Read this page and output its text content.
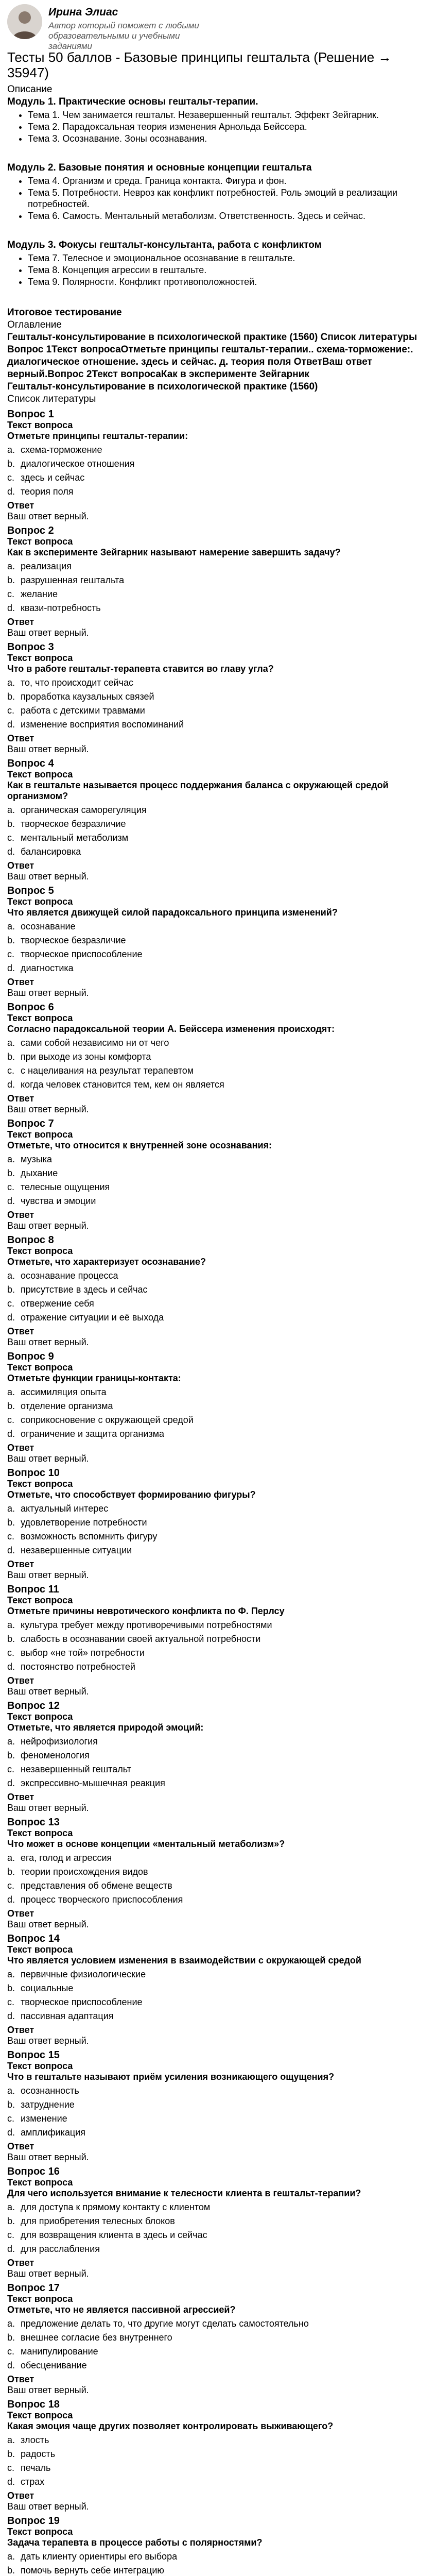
Ирина Элиас
Автор который поможет с любыми образовательными и учебными заданиями
Тесты 50 баллов - Базовые принципы гештальта (Решение → 35947)
Описание
Модуль 1. Практические основы гештальт-терапии.
• Тема 1. Чем занимается гештальт. Незавершенный гештальт. Эффект Зейгарник.
• Тема 2. Парадоксальная теория изменения Арнольда Бейссера.
• Тема 3. Осознавание. Зоны осознавания.
Модуль 2. Базовые понятия и основные концепции гештальта
• Тема 4. Организм и среда. Граница контакта. Фигура и фон.
• Тема 5. Потребности. Невроз как конфликт потребностей. Роль эмоций в реализации потребностей.
• Тема 6. Самость. Ментальный метаболизм. Ответственность. Здесь и сейчас.
Модуль 3. Фокусы гештальт-консультанта, работа с конфликтом
• Тема 7. Телесное и эмоциональное осознавание в гештальте.
• Тема 8. Концепция агрессии в гештальте.
• Тема 9. Полярности. Конфликт противоположностей.
Итоговое тестирование
Оглавление
Гештальт-консультирование в психологической практике (1560) Список литературы Вопрос 1Текст вопросаОтметьте принципы гештальт-терапии.. схема-торможение:. диалогическое отношение. здесь и сейчас. д. теория поля ОтветВаш ответ верный.Вопрос 2Текст вопросаКак в эксперименте Зейгарник
Гештальт-консультирование в психологической практике (1560)
Список литературы
Вопрос 1
Текст вопроса
Отметьте принципы гештальт-терапии:
a. схема-торможение
b. диалогическое отношения
c. здесь и сейчас
d. теория поля
Ответ
Ваш ответ верный.
Вопрос 2
Текст вопроса
Как в эксперименте Зейгарник называют намерение завершить задачу?
a. реализация
b. разрушенная гештальта
c. желание
d. квази-потребность
Ответ
Ваш ответ верный.
Вопрос 3
Текст вопроса
Что в работе гештальт-терапевта ставится во главу угла?
a. то, что происходит сейчас
b. проработка каузальных связей
c. работа с детскими травмами
d. изменение восприятия воспоминаний
Ответ
Ваш ответ верный.
Вопрос 4
Текст вопроса
Как в гештальте называется процесс поддержания баланса с окружающей средой организмом?
a. органическая саморегуляция
b. творческое безразличие
c. ментальный метаболизм
d. балансировка
Ответ
Ваш ответ верный.
Вопрос 5
Текст вопроса
Что является движущей силой парадоксального принципа изменений?
a. осознавание
b. творческое безразличие
c. творческое приспособление
d. диагностика
Ответ
Ваш ответ верный.
Вопрос 6
Текст вопроса
Согласно парадоксальной теории А. Бейссера изменения происходят:
a. сами собой независимо ни от чего
b. при выходе из зоны комфорта
c. с нацеливания на результат терапевтом
d. когда человек становится тем, кем он является
Ответ
Ваш ответ верный.
Вопрос 7
Текст вопроса
Отметьте, что относится к внутренней зоне осознавания:
a. музыка
b. дыхание
c. телесные ощущения
d. чувства и эмоции
Ответ
Ваш ответ верный.
Вопрос 8
Текст вопроса
Отметьте, что характеризует осознавание?
a. осознавание процесса
b. присутствие в здесь и сейчас
c. отвержение себя
d. отражение ситуации и её выхода
Ответ
Ваш ответ верный.
Вопрос 9
Текст вопроса
Отметьте функции границы-контакта:
a. ассимиляция опыта
b. отделение организма
c. соприкосновение с окружающей средой
d. ограничение и защита организма
Ответ
Ваш ответ верный.
Вопрос 10
Текст вопроса
Отметьте, что способствует формированию фигуры?
a. актуальный интерес
b. удовлетворение потребности
c. возможность вспомнить фигуру
d. незавершенные ситуации
Ответ
Ваш ответ верный.
Вопрос 11
Текст вопроса
Отметьте причины невротического конфликта по Ф. Перлсу
a. культура требует между противоречивыми потребностями
b. слабость в осознавании своей актуальной потребности
c. выбор «не той» потребности
d. постоянство потребностей
Ответ
Ваш ответ верный.
Вопрос 12
Текст вопроса
Отметьте, что является природой эмоций:
a. нейрофизиология
b. феноменология
c. незавершенный гештальт
d. экспрессивно-мышечная реакция
Ответ
Ваш ответ верный.
Вопрос 13
Текст вопроса
Что может в основе концепции «ментальный метаболизм»?
a. ега, голод и агрессия
b. теории происхождения видов
c. представления об обмене веществ
d. процесс творческого приспособления
Ответ
Ваш ответ верный.
Вопрос 14
Текст вопроса
Что является условием изменения в взаимодействии с окружающей средой
a. первичные физиологические
b. социальные
c. творческое приспособление
d. пассивная адаптация
Ответ
Ваш ответ верный.
Вопрос 15
Текст вопроса
Что в гештальте называют приём усиления возникающего ощущения?
a. осознанность
b. затруднение
c. изменение
d. амплификация
Ответ
Ваш ответ верный.
Вопрос 16
Текст вопроса
Для чего используется внимание к телесности клиента в гештальт-терапии?
a. для доступа к прямому контакту с клиентом
b. для приобретения телесных блоков
c. для возвращения клиента в здесь и сейчас
d. для расслабления
Ответ
Ваш ответ верный.
Вопрос 17
Текст вопроса
Отметьте, что не является пассивной агрессией?
a. предложение делать то, что другие могут сделать самостоятельно
b. внешнее согласие без внутреннего
c. манипулирование
d. обесценивание
Ответ
Ваш ответ верный.
Вопрос 18
Текст вопроса
Какая эмоция чаще других позволяет контролировать выживающего?
a. злость
b. радость
c. печаль
d. страх
Ответ
Ваш ответ верный.
Вопрос 19
Текст вопроса
Задача терапевта в процессе работы с полярностями?
a. дать клиенту ориентиры его выбора
b. помочь вернуть себе интеграцию
